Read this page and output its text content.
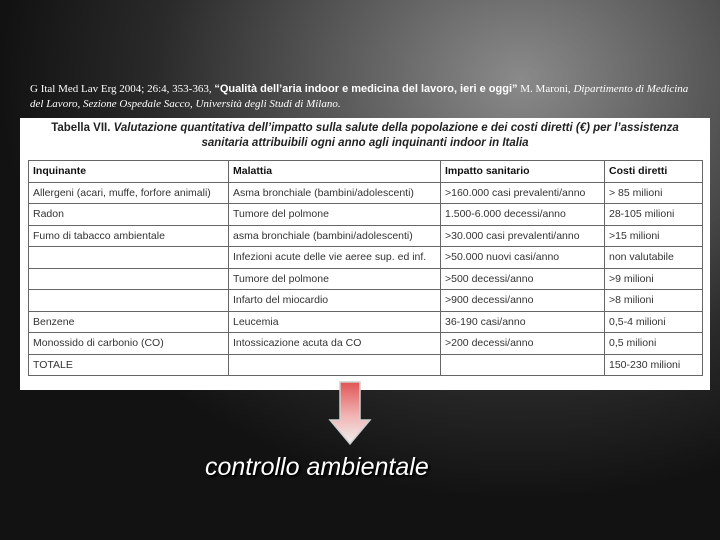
G Ital Med Lav Erg 2004; 26:4, 353-363, “Qualità dell’aria indoor e medicina del lavoro, ieri e oggi” M. Maroni, Dipartimento di Medicina del Lavoro, Sezione Ospedale Sacco, Università degli Studi di Milano.
Tabella VII. Valutazione quantitativa dell’impatto sulla salute della popolazione e dei costi diretti (€) per l’assistenza sanitaria attribuibili ogni anno agli inquinanti indoor in Italia
Inquinante	Malattia	Impatto sanitario	Costi diretti
Allergeni (acari, muffe, forfore animali)	Asma bronchiale (bambini/adolescenti)	>160.000 casi prevalenti/anno	> 85 milioni
Radon	Tumore del polmone	1.500-6.000 decessi/anno	28-105 milioni
Fumo di tabacco ambientale	asma bronchiale (bambini/adolescenti)	>30.000 casi prevalenti/anno	>15 milioni
	Infezioni acute delle vie aeree sup. ed inf.	>50.000 nuovi casi/anno	non valutabile
	Tumore del polmone	>500 decessi/anno	>9 milioni
	Infarto del miocardio	>900 decessi/anno	>8 milioni
Benzene	Leucemia	36-190 casi/anno	0,5-4 milioni
Monossido di carbonio (CO)	Intossicazione acuta da CO	>200 decessi/anno	0,5 milioni
TOTALE			150-230 milioni
controllo ambientale
